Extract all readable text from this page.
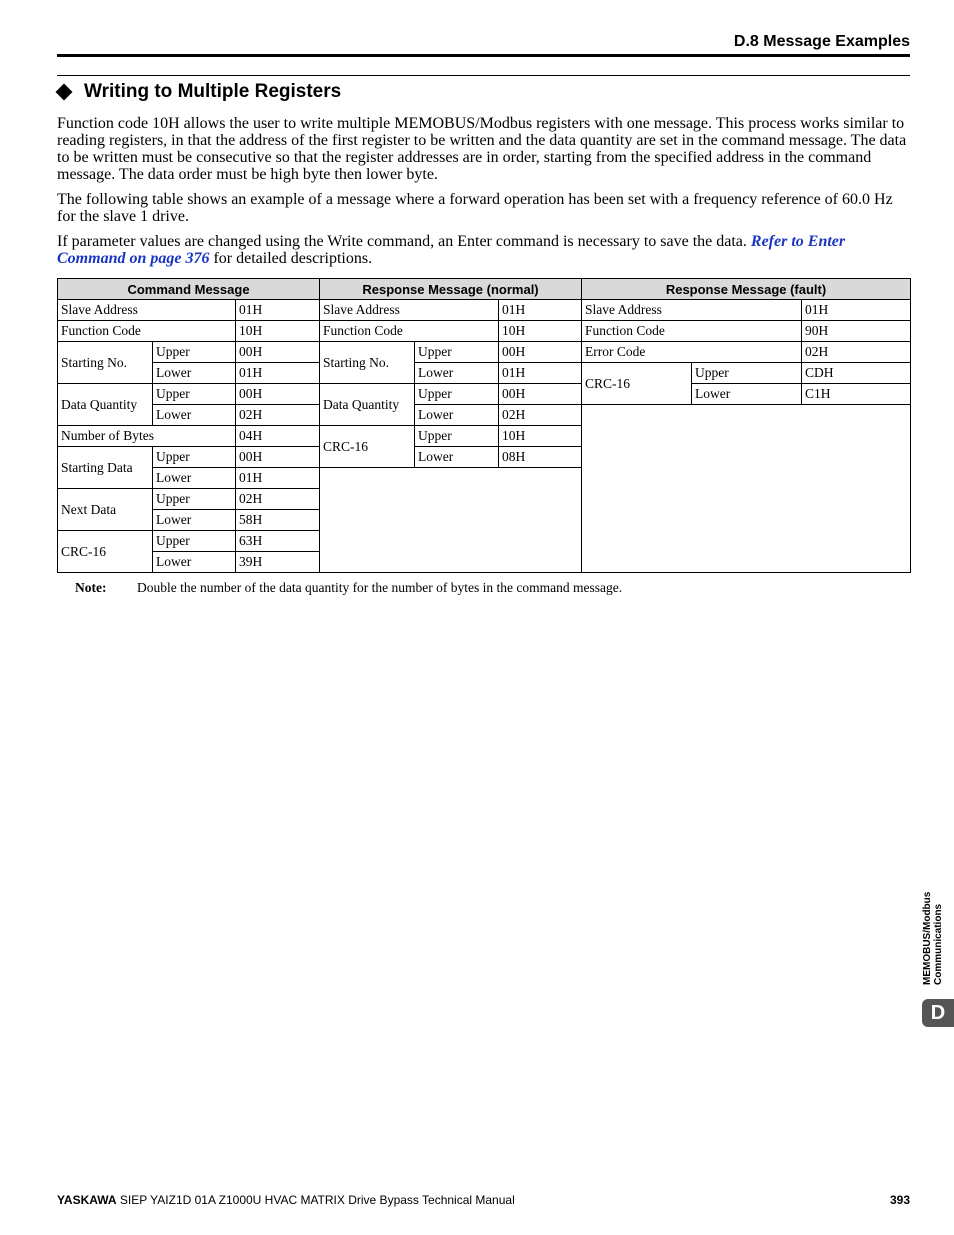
D.8 Message Examples
Writing to Multiple Registers

Function code 10H allows the user to write multiple MEMOBUS/Modbus registers with one message. This process works similar to reading registers, in that the address of the first register to be written and the data quantity are set in the command message. The data to be written must be consecutive so that the register addresses are in order, starting from the specified address in the command message. The data order must be high byte then lower byte.

The following table shows an example of a message where a forward operation has been set with a frequency reference of 60.0 Hz for the slave 1 drive.

If parameter values are changed using the Write command, an Enter command is necessary to save the data. Refer to Enter Command on page 376 for detailed descriptions.

Command Message			Response Message (normal)			Response Message (fault)		
Slave Address		01H	Slave Address		01H	Slave Address		01H
Function Code		10H	Function Code		10H	Function Code		90H
Starting No.	Upper	00H	Starting No.	Upper	00H	Error Code		02H
	Lower	01H		Lower	01H	CRC-16	Upper	CDH
Data Quantity	Upper	00H	Data Quantity	Upper	00H		Lower	C1H
	Lower	02H		Lower	02H			
Number of Bytes		04H	CRC-16	Upper	10H			
Starting Data	Upper	00H		Lower	08H			
	Lower	01H						
Next Data	Upper	02H						
	Lower	58H						
CRC-16	Upper	63H						
	Lower	39H						
Note: Double the number of the data quantity for the number of bytes in the command message.
MEMOBUS/Modbus Communications
D
YASKAWA SIEP YAIZ1D 01A Z1000U HVAC MATRIX Drive Bypass Technical Manual	393
